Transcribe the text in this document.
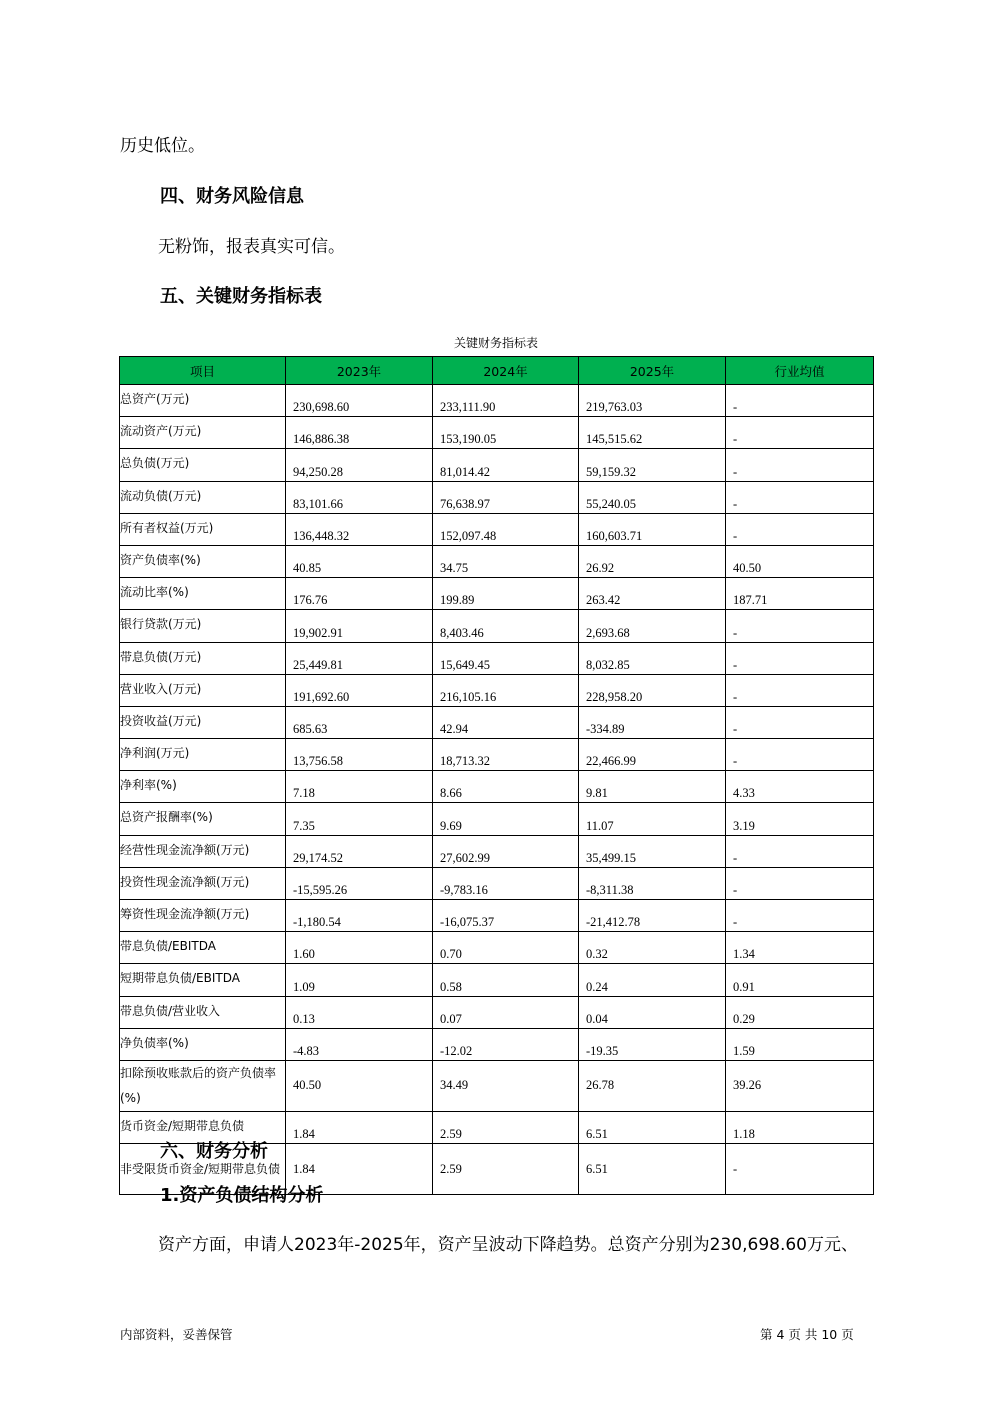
历史低位。
四、财务风险信息
无粉饰，报表真实可信。
五、关键财务指标表
关键财务指标表
项目	2023年	2024年	2025年	行业均值
总资产(万元)	230,698.60	233,111.90	219,763.03	-
流动资产(万元)	146,886.38	153,190.05	145,515.62	-
总负债(万元)	94,250.28	81,014.42	59,159.32	-
流动负债(万元)	83,101.66	76,638.97	55,240.05	-
所有者权益(万元)	136,448.32	152,097.48	160,603.71	-
资产负债率(%)	40.85	34.75	26.92	40.50
流动比率(%)	176.76	199.89	263.42	187.71
银行贷款(万元)	19,902.91	8,403.46	2,693.68	-
带息负债(万元)	25,449.81	15,649.45	8,032.85	-
营业收入(万元)	191,692.60	216,105.16	228,958.20	-
投资收益(万元)	685.63	42.94	-334.89	-
净利润(万元)	13,756.58	18,713.32	22,466.99	-
净利率(%)	7.18	8.66	9.81	4.33
总资产报酬率(%)	7.35	9.69	11.07	3.19
经营性现金流净额(万元)	29,174.52	27,602.99	35,499.15	-
投资性现金流净额(万元)	-15,595.26	-9,783.16	-8,311.38	-
筹资性现金流净额(万元)	-1,180.54	-16,075.37	-21,412.78	-
带息负债/EBITDA	1.60	0.70	0.32	1.34
短期带息负债/EBITDA	1.09	0.58	0.24	0.91
带息负债/营业收入	0.13	0.07	0.04	0.29
净负债率(%)	-4.83	-12.02	-19.35	1.59
扣除预收账款后的资产负债率(%)	40.50	34.49	26.78	39.26
货币资金/短期带息负债	1.84	2.59	6.51	1.18
非受限货币资金/短期带息负债	1.84	2.59	6.51	-
六、财务分析
1.资产负债结构分析
资产方面，申请人2023年-2025年，资产呈波动下降趋势。总资产分别为230,698.60万元、
内部资料，妥善保管	第 4 页 共 10 页
